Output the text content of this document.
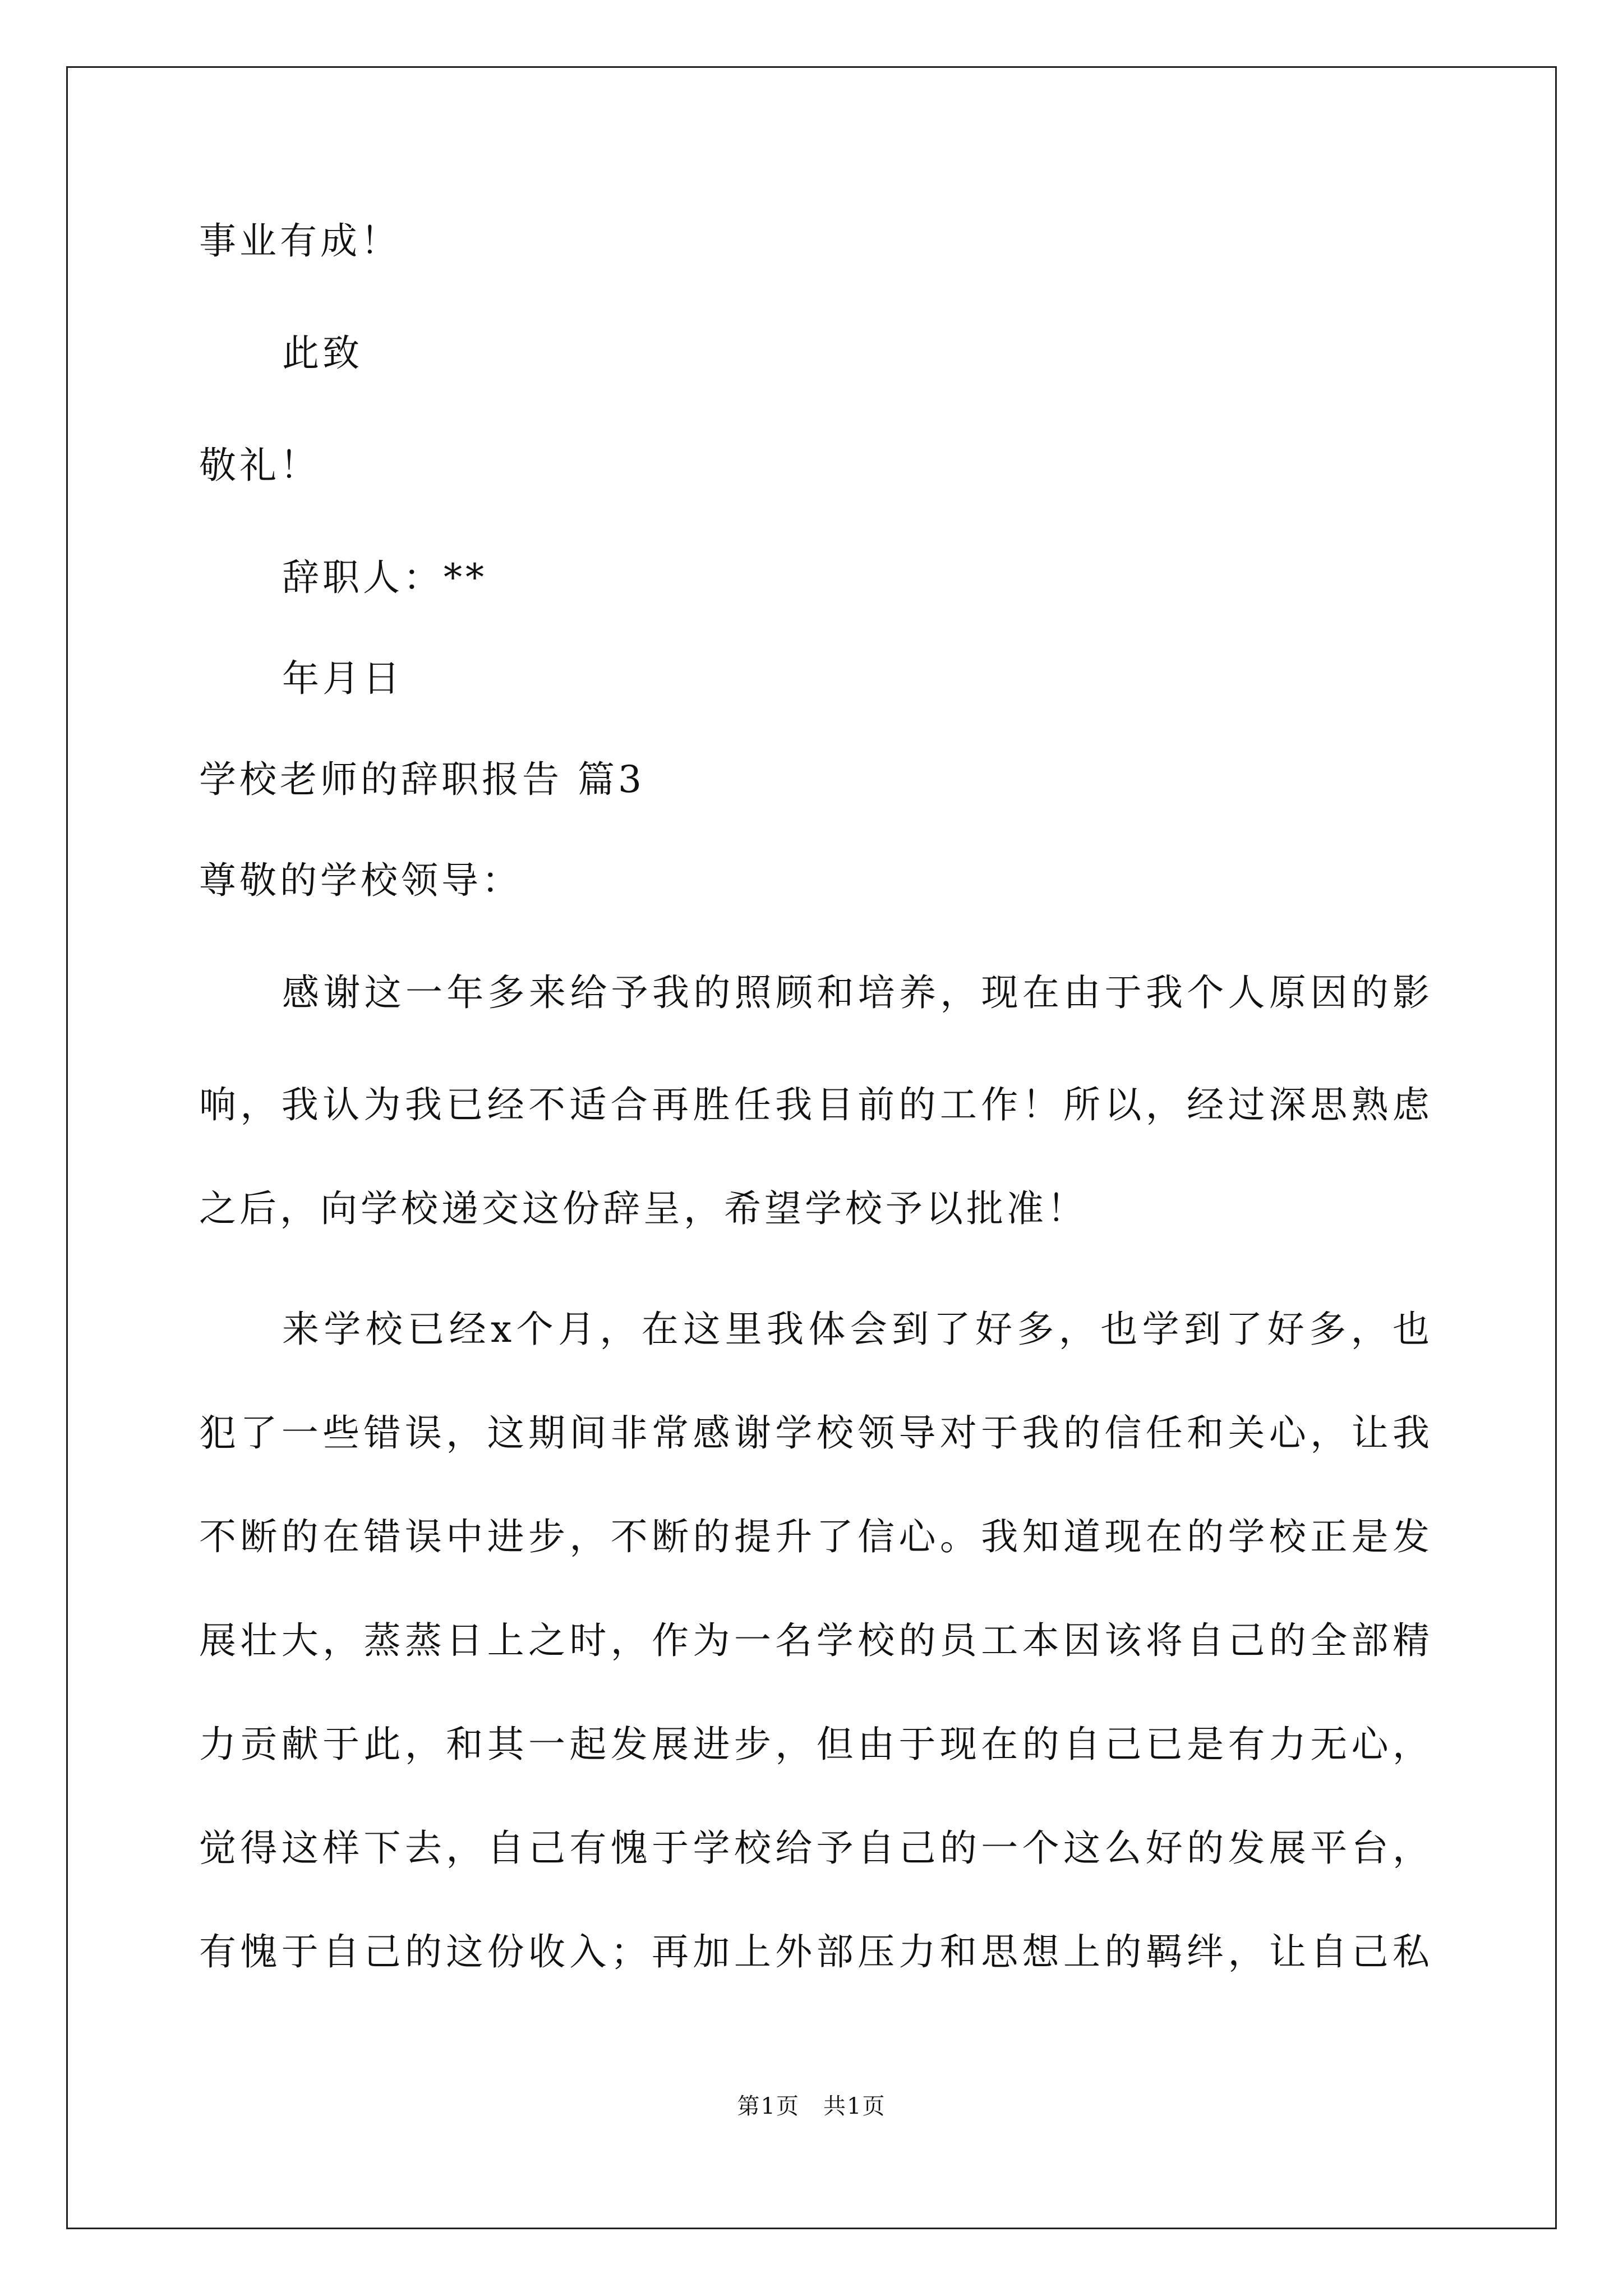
事业有成！
此致
敬礼！
辞职人：**
年月日
学校老师的辞职报告 篇3
尊敬的学校领导：
感谢这一年多来给予我的照顾和培养，现在由于我个人原因的影
响，我认为我已经不适合再胜任我目前的工作！所以，经过深思熟虑
之后，向学校递交这份辞呈，希望学校予以批准！
来学校已经x个月，在这里我体会到了好多，也学到了好多，也
犯了一些错误，这期间非常感谢学校领导对于我的信任和关心，让我
不断的在错误中进步，不断的提升了信心。我知道现在的学校正是发
展壮大，蒸蒸日上之时，作为一名学校的员工本因该将自己的全部精
力贡献于此，和其一起发展进步，但由于现在的自己已是有力无心，
觉得这样下去，自己有愧于学校给予自己的一个这么好的发展平台，
有愧于自己的这份收入；再加上外部压力和思想上的羁绊，让自己私
第1页　共1页
